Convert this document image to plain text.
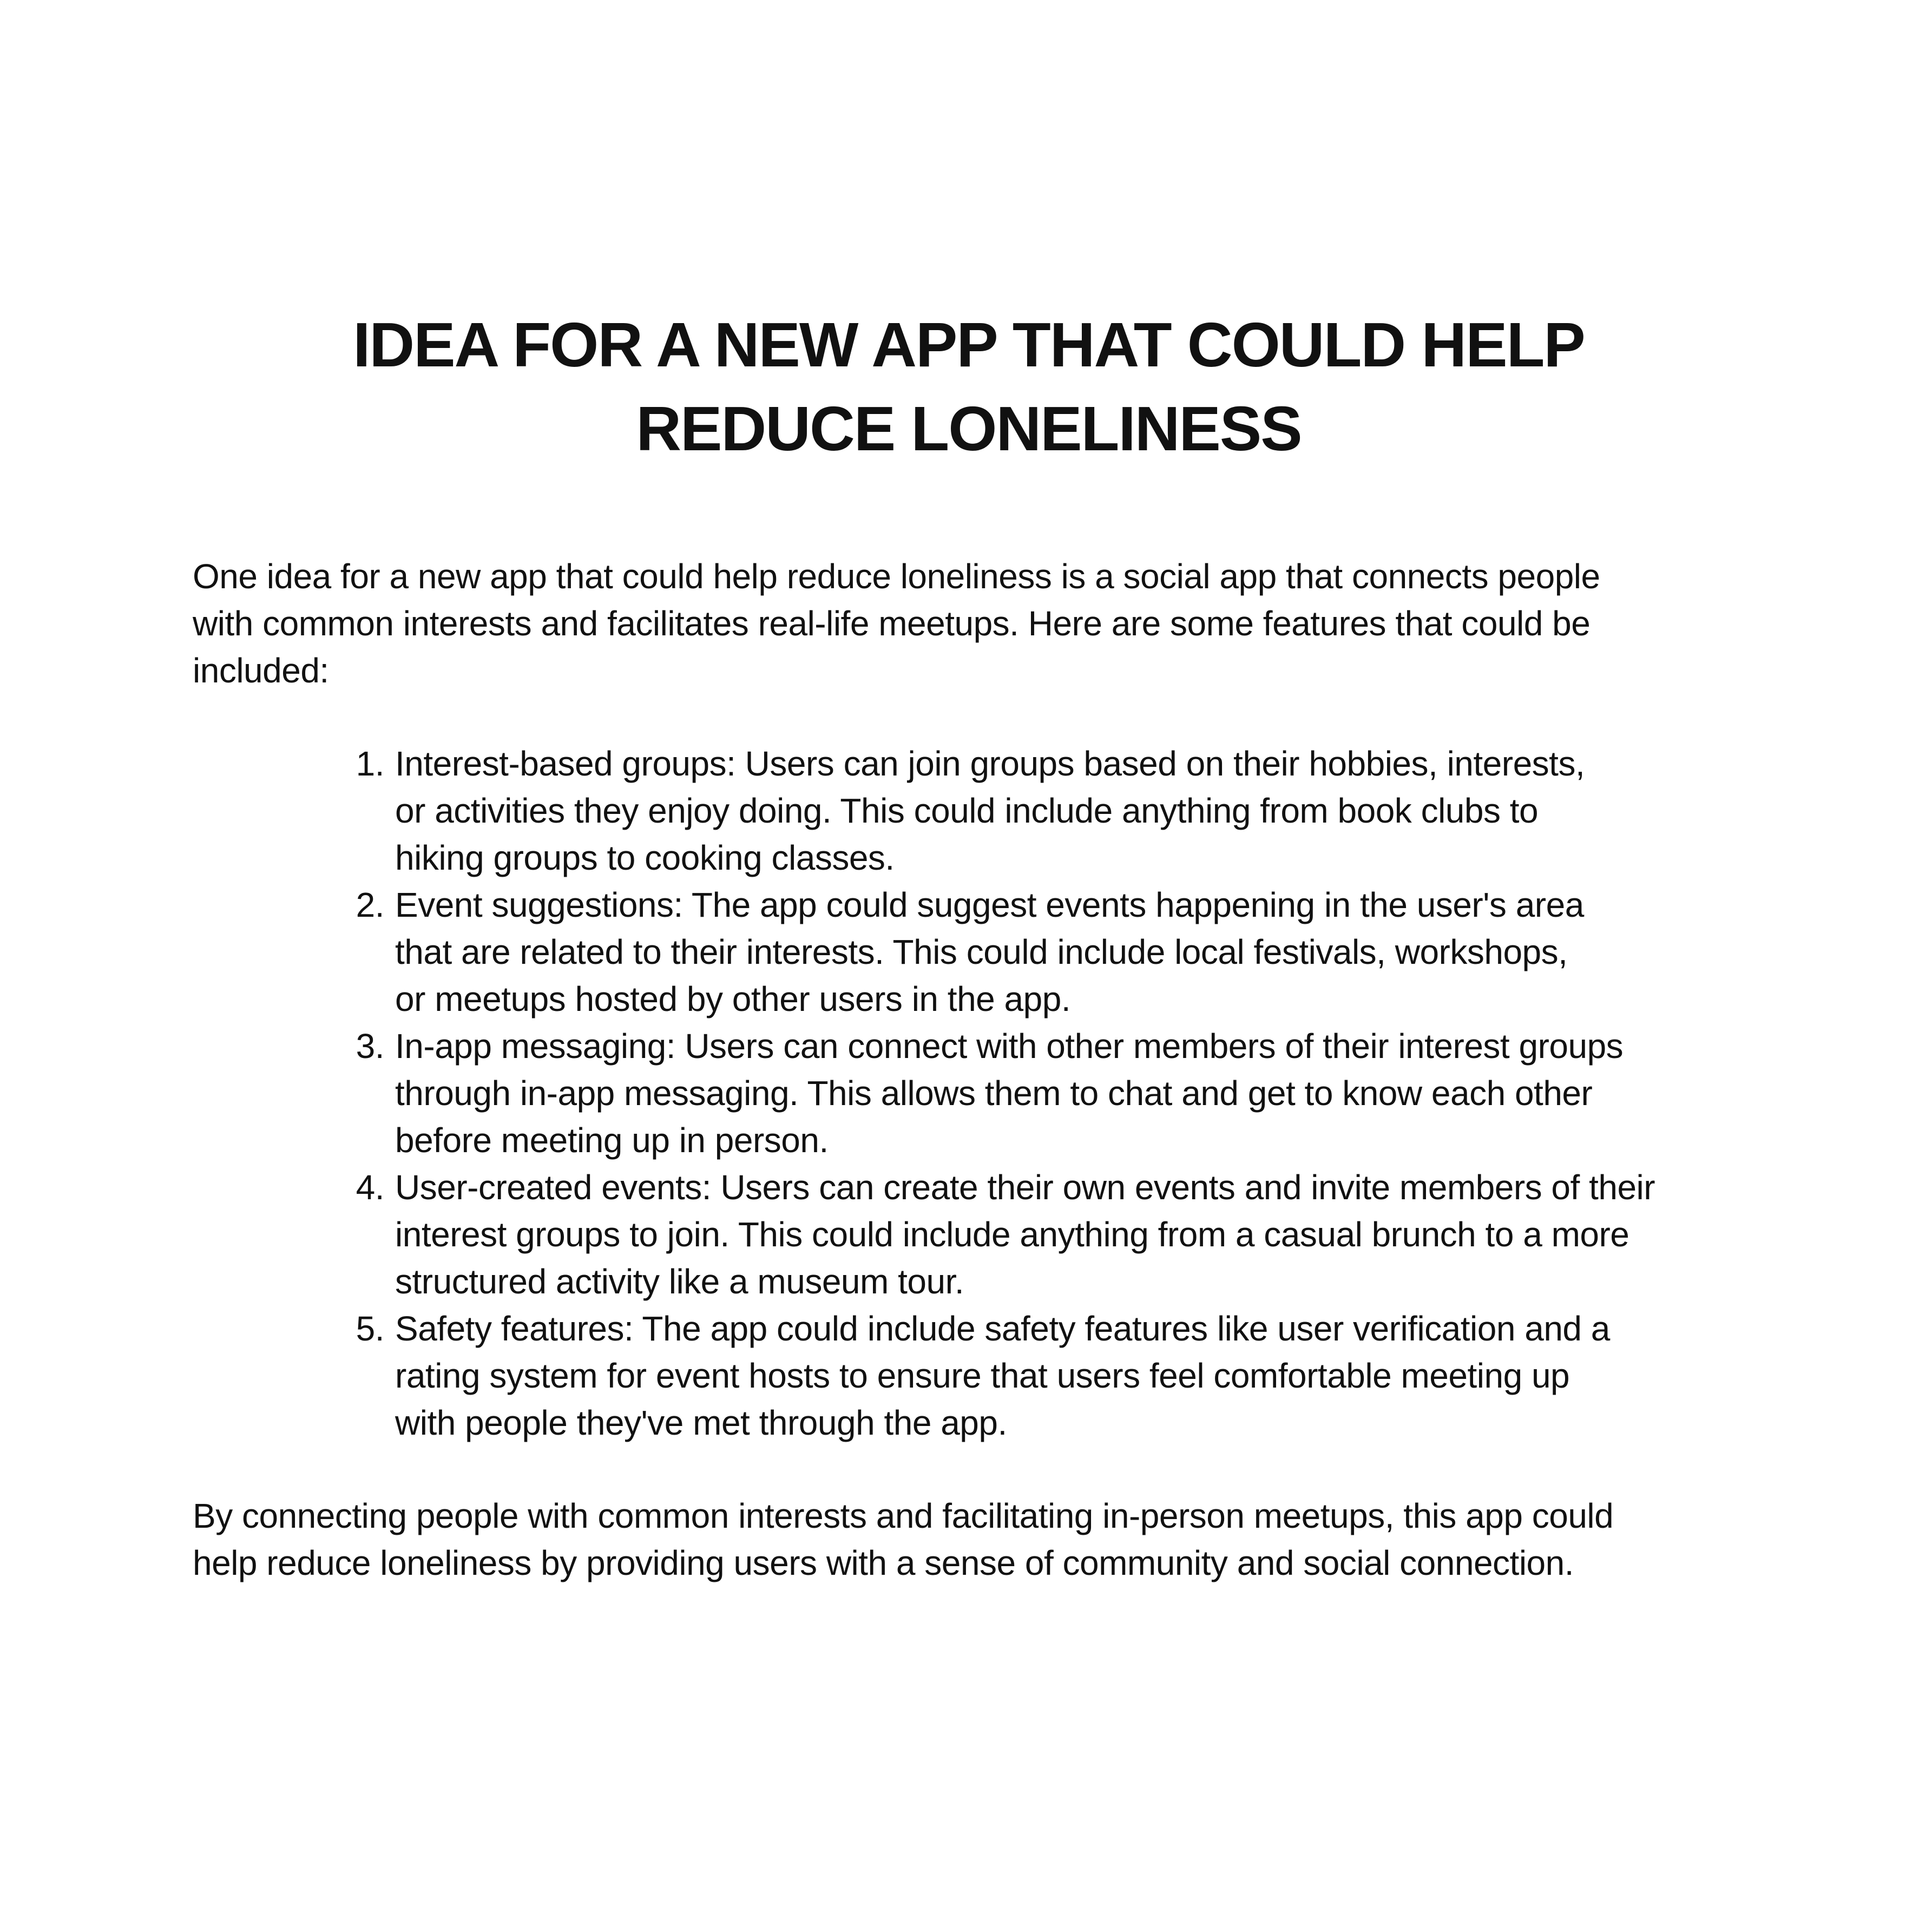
IDEA FOR A NEW APP THAT COULD HELP
REDUCE LONELINESS

One idea for a new app that could help reduce loneliness is a social app that connects people
with common interests and facilitates real-life meetups. Here are some features that could be
included:

1. Interest-based groups: Users can join groups based on their hobbies, interests,
or activities they enjoy doing. This could include anything from book clubs to
hiking groups to cooking classes.
2. Event suggestions: The app could suggest events happening in the user's area
that are related to their interests. This could include local festivals, workshops,
or meetups hosted by other users in the app.
3. In-app messaging: Users can connect with other members of their interest groups
through in-app messaging. This allows them to chat and get to know each other
before meeting up in person.
4. User-created events: Users can create their own events and invite members of their
interest groups to join. This could include anything from a casual brunch to a more
structured activity like a museum tour.
5. Safety features: The app could include safety features like user verification and a
rating system for event hosts to ensure that users feel comfortable meeting up
with people they've met through the app.

By connecting people with common interests and facilitating in-person meetups, this app could
help reduce loneliness by providing users with a sense of community and social connection.
